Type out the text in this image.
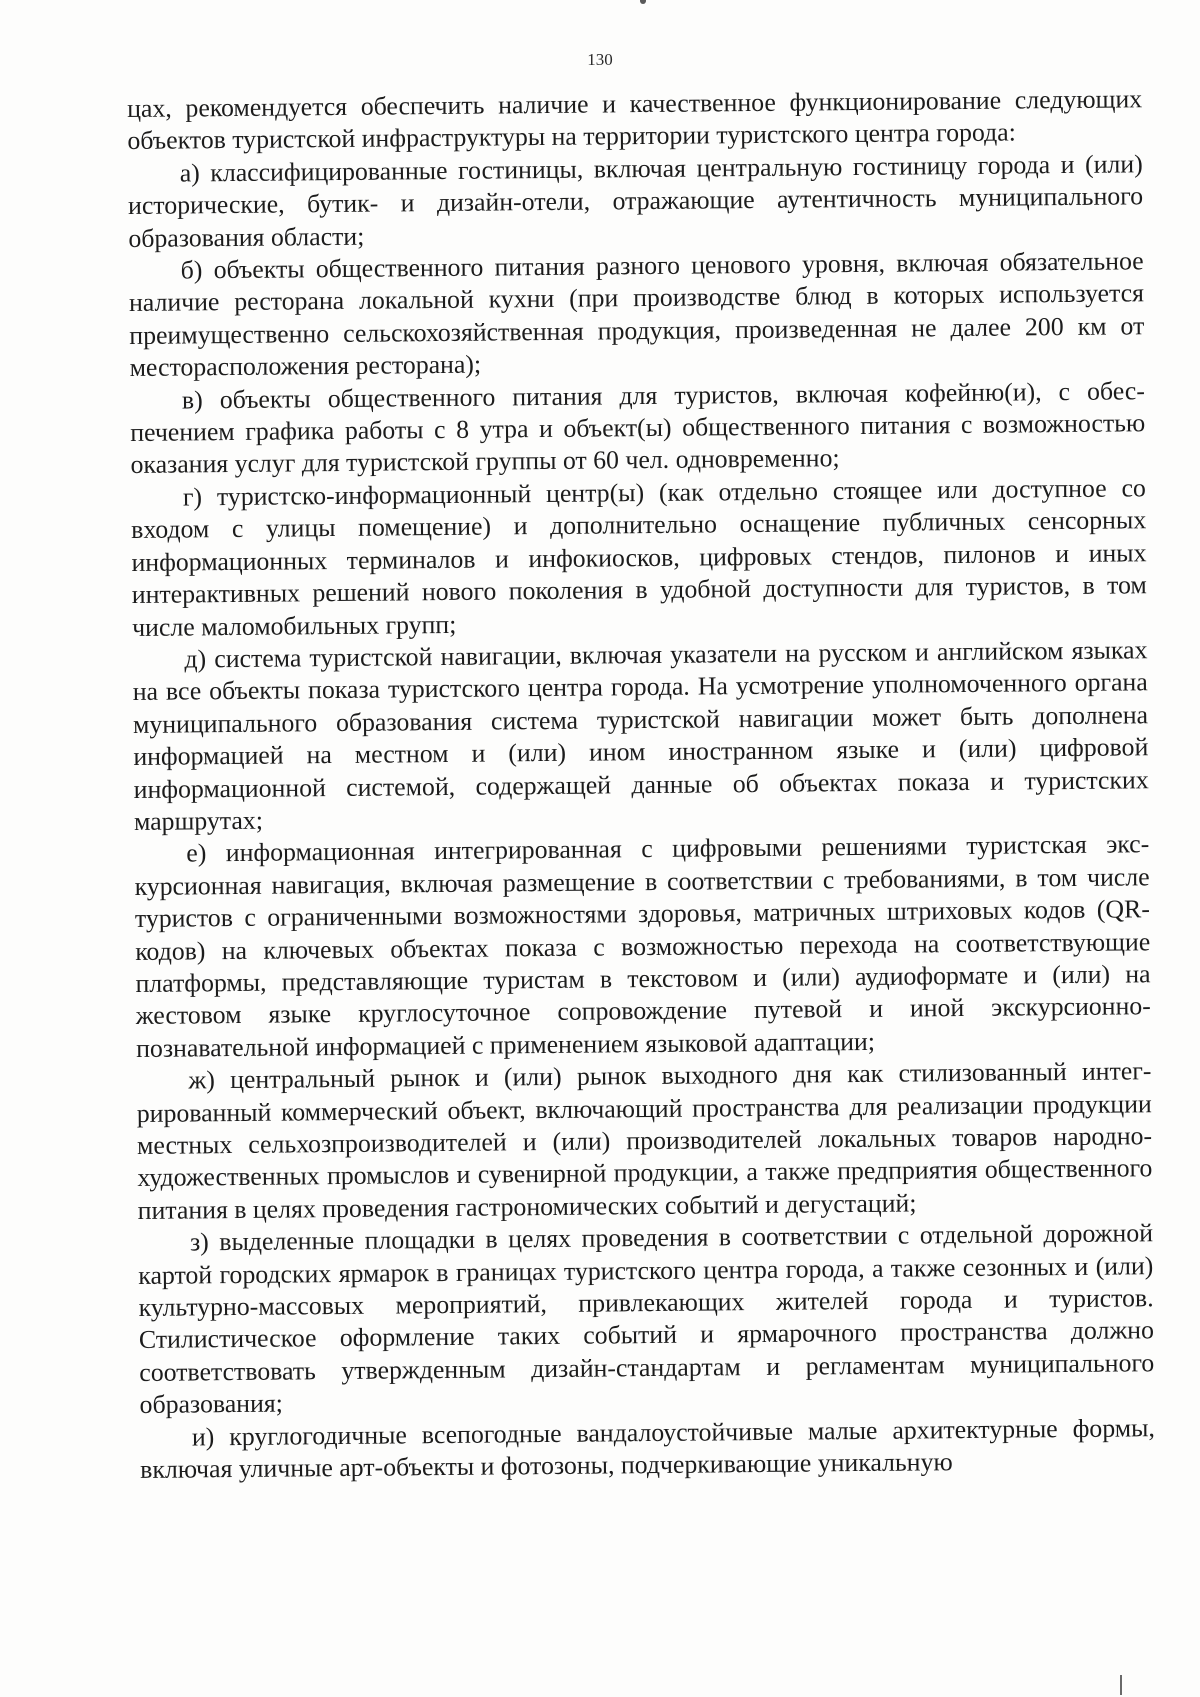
130

цах, рекомендуется обеспечить наличие и качественное функционирование следующих объектов туристской инфраструктуры на территории туристского центра города:

а) классифицированные гостиницы, включая центральную гостиницу города и (или) исторические, бутик- и дизайн-отели, отражающие аутентичность муниципального образования области;

б) объекты общественного питания разного ценового уровня, включая обязательное наличие ресторана локальной кухни (при производстве блюд в которых используется преимущественно сельскохозяйственная продукция, произведенная не далее 200 км от месторасположения ресторана);

в) объекты общественного питания для туристов, включая кофейню(и), с обеспечением графика работы с 8 утра и объект(ы) общественного питания с возможностью оказания услуг для туристской группы от 60 чел. одновременно;

г) туристско-информационный центр(ы) (как отдельно стоящее или доступное со входом с улицы помещение) и дополнительно оснащение публичных сенсорных информационных терминалов и инфокиосков, цифровых стендов, пилонов и иных интерактивных решений нового поколения в удобной доступности для туристов, в том числе маломобильных групп;

д) система туристской навигации, включая указатели на русском и английском языках на все объекты показа туристского центра города. На усмотрение уполномоченного органа муниципального образования система туристской навигации может быть дополнена информацией на местном и (или) ином иностранном языке и (или) цифровой информационной системой, содержащей данные об объектах показа и туристских маршрутах;

е) информационная интегрированная с цифровыми решениями туристская экскурсионная навигация, включая размещение в соответствии с требованиями, в том числе туристов с ограниченными возможностями здоровья, матричных штриховых кодов (QR-кодов) на ключевых объектах показа с возможностью перехода на соответствующие платформы, представляющие туристам в текстовом и (или) аудиоформате и (или) на жестовом языке круглосуточное сопровождение путевой и иной экскурсионно-познавательной информацией с применением языковой адаптации;

ж) центральный рынок и (или) рынок выходного дня как стилизованный интегрированный коммерческий объект, включающий пространства для реализации продукции местных сельхозпроизводителей и (или) производителей локальных товаров народно-художественных промыслов и сувенирной продукции, а также предприятия общественного питания в целях проведения гастрономических событий и дегустаций;

з) выделенные площадки в целях проведения в соответствии с отдельной дорожной картой городских ярмарок в границах туристского центра города, а также сезонных и (или) культурно-массовых мероприятий, привлекающих жителей города и туристов. Стилистическое оформление таких событий и ярмарочного пространства должно соответствовать утвержденным дизайн-стандартам и регламентам муниципального образования;

и) круглогодичные всепогодные вандалоустойчивые малые архитектурные формы, включая уличные арт-объекты и фотозоны, подчеркивающие уникальную
